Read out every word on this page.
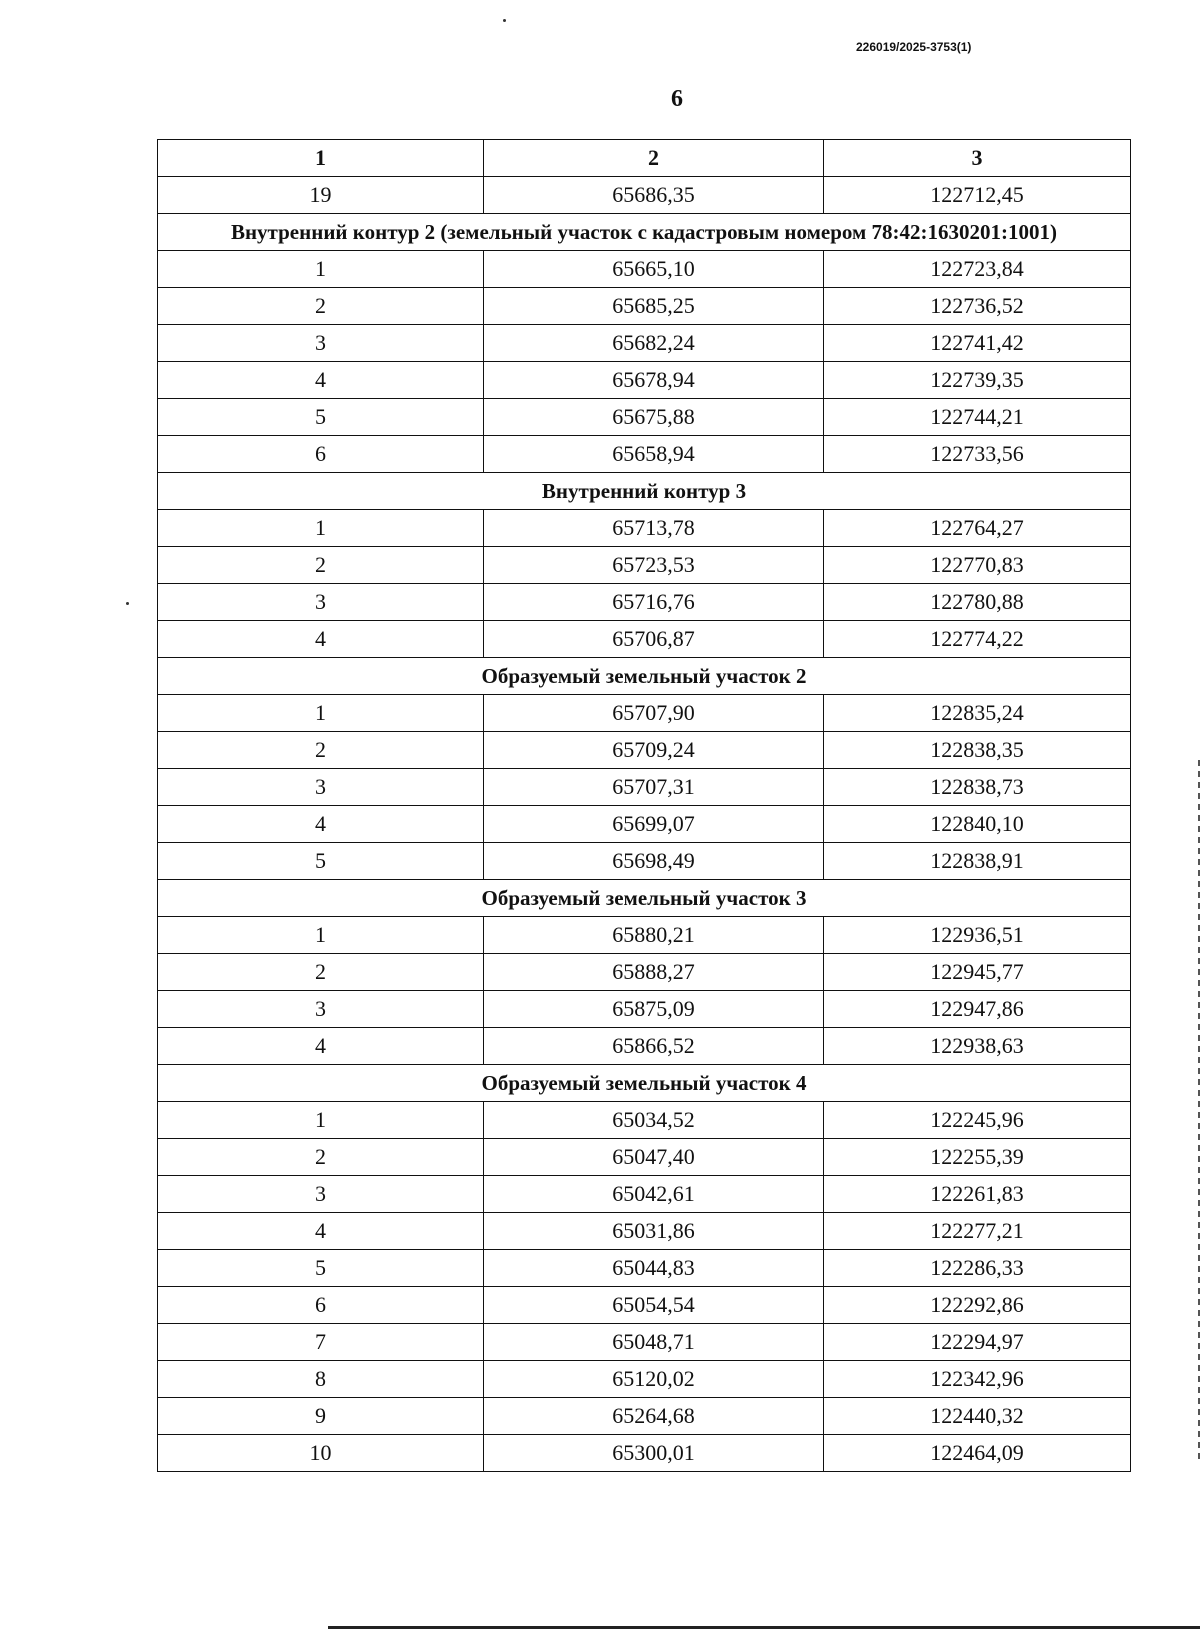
226019/2025-3753(1)
6
1	2	3
19	65686,35	122712,45
Внутренний контур 2 (земельный участок с кадастровым номером 78:42:1630201:1001)		
1	65665,10	122723,84
2	65685,25	122736,52
3	65682,24	122741,42
4	65678,94	122739,35
5	65675,88	122744,21
6	65658,94	122733,56
Внутренний контур 3		
1	65713,78	122764,27
2	65723,53	122770,83
3	65716,76	122780,88
4	65706,87	122774,22
Образуемый земельный участок 2		
1	65707,90	122835,24
2	65709,24	122838,35
3	65707,31	122838,73
4	65699,07	122840,10
5	65698,49	122838,91
Образуемый земельный участок 3		
1	65880,21	122936,51
2	65888,27	122945,77
3	65875,09	122947,86
4	65866,52	122938,63
Образуемый земельный участок 4		
1	65034,52	122245,96
2	65047,40	122255,39
3	65042,61	122261,83
4	65031,86	122277,21
5	65044,83	122286,33
6	65054,54	122292,86
7	65048,71	122294,97
8	65120,02	122342,96
9	65264,68	122440,32
10	65300,01	122464,09
